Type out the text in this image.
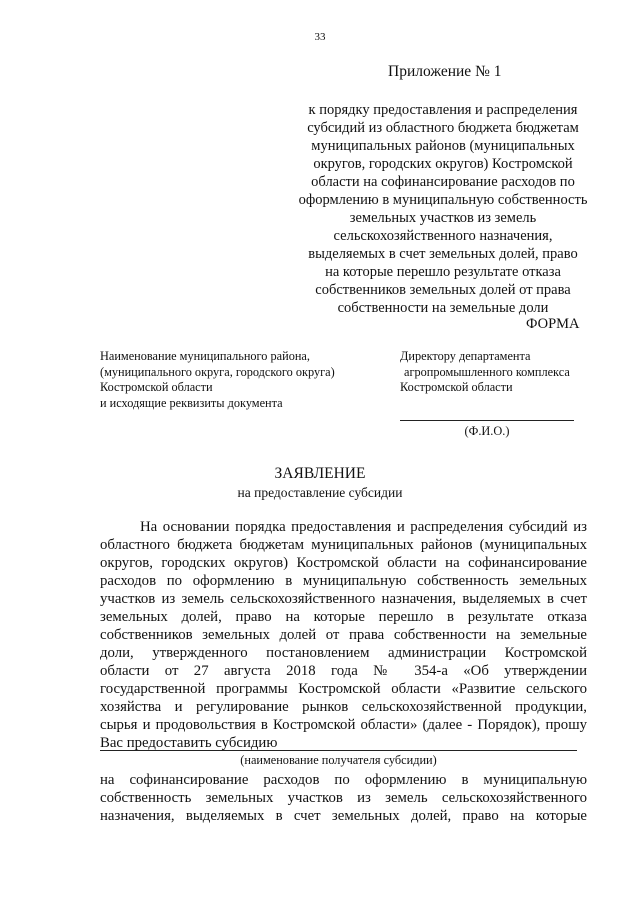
33
Приложение № 1
к порядку предоставления и распределения
субсидий из областного бюджета бюджетам
муниципальных районов (муниципальных
округов, городских округов) Костромской
области на софинансирование расходов по
оформлению в муниципальную собственность
земельных участков из земель
сельскохозяйственного назначения,
выделяемых в счет земельных долей, право
на которые перешло результате отказа
собственников земельных долей от права
собственности на земельные доли
ФОРМА
Наименование муниципального района,
(муниципального округа, городского округа)
Костромской области
и исходящие реквизиты документа
Директору департамента
агропромышленного комплекса
Костромской области
(Ф.И.О.)
ЗАЯВЛЕНИЕ
на предоставление субсидии
На основании порядка предоставления и распределения субсидий из
областного бюджета бюджетам муниципальных районов (муниципальных
округов, городских округов) Костромской области на софинансирование
расходов по оформлению в муниципальную собственность земельных
участков из земель сельскохозяйственного назначения, выделяемых в счет
земельных долей, право на которые перешло в результате отказа
собственников земельных долей от права собственности на земельные
доли, утвержденного постановлением администрации Костромской
области от 27 августа 2018 года № 354-а «Об утверждении
государственной программы Костромской области «Развитие сельского
хозяйства и регулирование рынков сельскохозяйственной продукции,
сырья и продовольствия в Костромской области» (далее - Порядок), прошу
Вас предоставить субсидию
(наименование получателя субсидии)
на софинансирование расходов по оформлению в муниципальную
собственность земельных участков из земель сельскохозяйственного
назначения, выделяемых в счет земельных долей, право на которые
